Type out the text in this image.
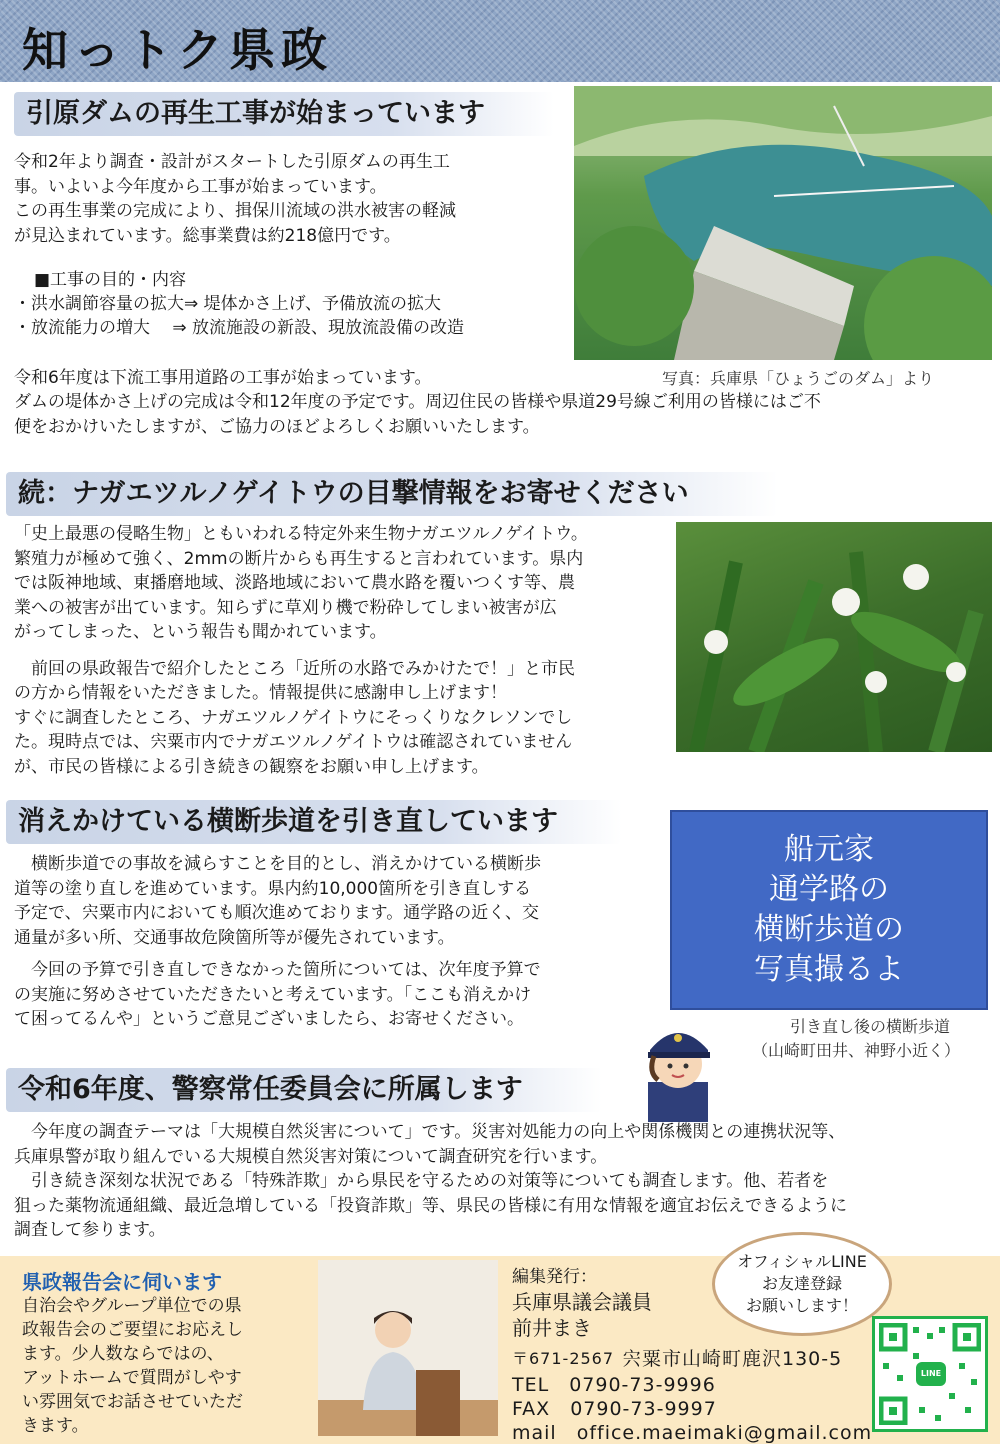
知っトク県政
引原ダムの再生工事が始まっています

令和2年より調査・設計がスタートした引原ダムの再生工
事。いよいよ今年度から工事が始まっています。
この再生事業の完成により、揖保川流域の洪水被害の軽減
が見込まれています。総事業費は約218億円です。

■工事の目的・内容
・洪水調節容量の拡大⇒ 堤体かさ上げ、予備放流の拡大
・放流能力の増大　 ⇒ 放流施設の新設、現放流設備の改造
令和6年度は下流工事用道路の工事が始まっています。	写真：兵庫県「ひょうごのダム」より

ダムの堤体かさ上げの完成は令和12年度の予定です。周辺住民の皆様や県道29号線ご利用の皆様にはご不
便をおかけいたしますが、ご協力のほどよろしくお願いいたします。

続：ナガエツルノゲイトウの目撃情報をお寄せください

「史上最悪の侵略生物」ともいわれる特定外来生物ナガエツルノゲイトウ。
繁殖力が極めて強く、2mmの断片からも再生すると言われています。県内
では阪神地域、東播磨地域、淡路地域において農水路を覆いつくす等、農
業への被害が出ています。知らずに草刈り機で粉砕してしまい被害が広
がってしまった、という報告も聞かれています。

　前回の県政報告で紹介したところ「近所の水路でみかけたで！」と市民
の方から情報をいただきました。情報提供に感謝申し上げます！
すぐに調査したところ、ナガエツルノゲイトウにそっくりなクレソンでし
た。現時点では、宍粟市内でナガエツルノゲイトウは確認されていません
が、市民の皆様による引き続きの観察をお願い申し上げます。

消えかけている横断歩道を引き直しています

　横断歩道での事故を減らすことを目的とし、消えかけている横断歩
道等の塗り直しを進めています。県内約10,000箇所を引き直しする
予定で、宍粟市内においても順次進めております。通学路の近く、交
通量が多い所、交通事故危険箇所等が優先されています。

　今回の予算で引き直しできなかった箇所については、次年度予算で
の実施に努めさせていただきたいと考えています。「ここも消えかけ
て困ってるんや」というご意見ございましたら、お寄せください。

船元家
通学路の
横断歩道の
写真撮るよ
引き直し後の横断歩道
（山崎町田井、神野小近く）
令和6年度、警察常任委員会に所属します

　今年度の調査テーマは「大規模自然災害について」です。災害対処能力の向上や関係機関との連携状況等、
兵庫県警が取り組んでいる大規模自然災害対策について調査研究を行います。
　引き続き深刻な状況である「特殊詐欺」から県民を守るための対策等についても調査します。他、若者を
狙った薬物流通組織、最近急増している「投資詐欺」等、県民の皆様に有用な情報を適宜お伝えできるように
調査して参ります。

県政報告会に伺います
自治会やグループ単位での県
政報告会のご要望にお応えし
ます。少人数ならではの、
アットホームで質問がしやす
い雰囲気でお話させていただ
きます。
編集発行：
兵庫県議会議員
前井まき
〒671-2567 宍粟市山崎町鹿沢130-5
TEL　0790-73-9996
FAX　0790-73-9997
mail　office.maeimaki@gmail.com
オフィシャルLINE
お友達登録
お願いします！
LINE
